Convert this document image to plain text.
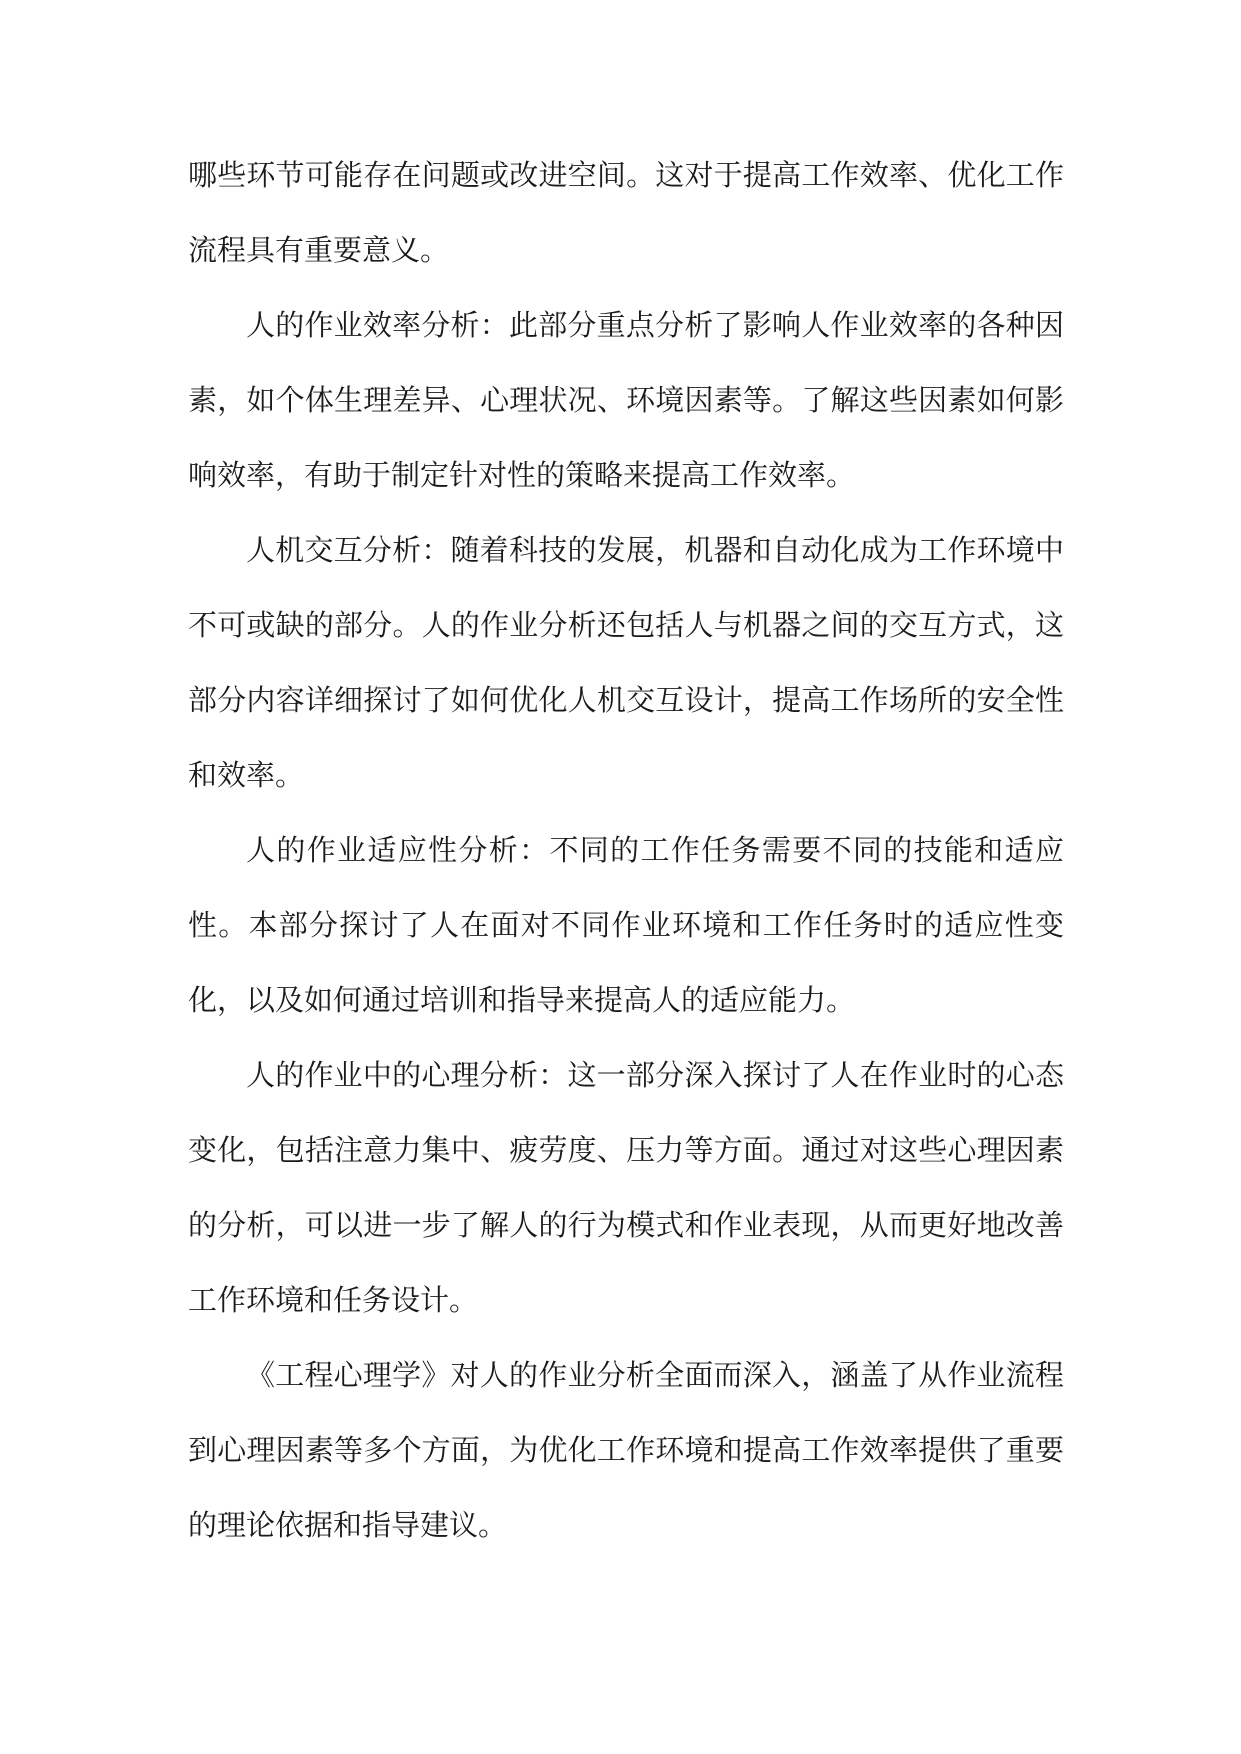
哪些环节可能存在问题或改进空间。这对于提高工作效率、优化工作流程具有重要意义。

人的作业效率分析：此部分重点分析了影响人作业效率的各种因素，如个体生理差异、心理状况、环境因素等。了解这些因素如何影响效率，有助于制定针对性的策略来提高工作效率。

人机交互分析：随着科技的发展，机器和自动化成为工作环境中不可或缺的部分。人的作业分析还包括人与机器之间的交互方式，这部分内容详细探讨了如何优化人机交互设计，提高工作场所的安全性和效率。

人的作业适应性分析：不同的工作任务需要不同的技能和适应性。本部分探讨了人在面对不同作业环境和工作任务时的适应性变化，以及如何通过培训和指导来提高人的适应能力。

人的作业中的心理分析：这一部分深入探讨了人在作业时的心态变化，包括注意力集中、疲劳度、压力等方面。通过对这些心理因素的分析，可以进一步了解人的行为模式和作业表现，从而更好地改善工作环境和任务设计。

《工程心理学》对人的作业分析全面而深入，涵盖了从作业流程到心理因素等多个方面，为优化工作环境和提高工作效率提供了重要的理论依据和指导建议。
